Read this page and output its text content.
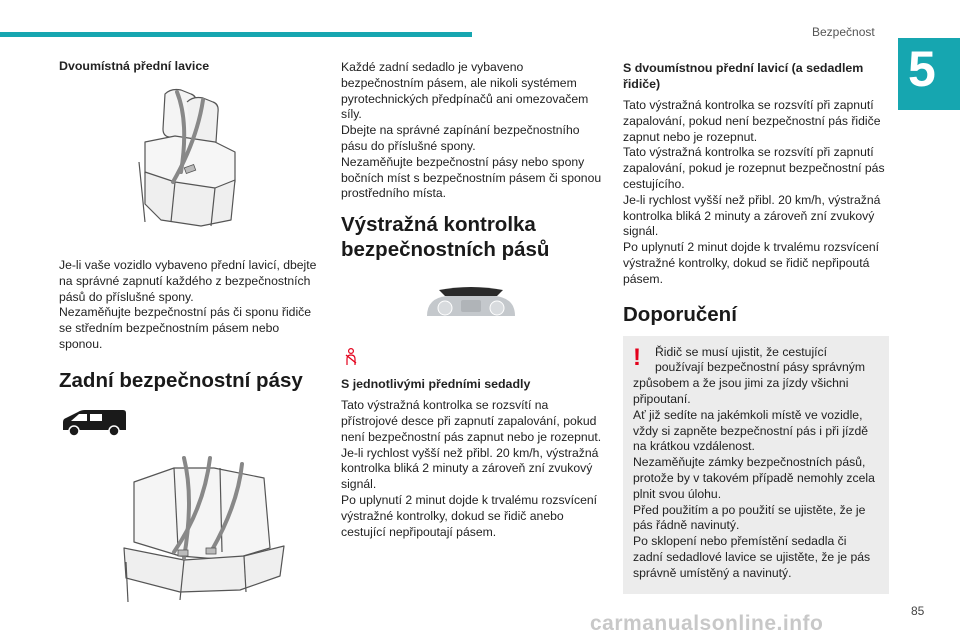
Bezpečnost
5
Dvoumístná přední lavice
Je-li vaše vozidlo vybaveno přední lavicí, dbejte
na správné zapnutí každého z bezpečnostních
pásů do příslušné spony.
Nezaměňujte bezpečnostní pás či sponu řidiče
se středním bezpečnostním pásem nebo
sponou.
Zadní bezpečnostní pásy
Každé zadní sedadlo je vybaveno
bezpečnostním pásem, ale nikoli systémem
pyrotechnických předpínačů ani omezovačem
síly.
Dbejte na správné zapínání bezpečnostního
pásu do příslušné spony.
Nezaměňujte bezpečnostní pásy nebo spony
bočních míst s bezpečnostním pásem či sponou
prostředního místa.
Výstražná kontrolka
bezpečnostních pásů
S jednotlivými předními sedadly
Tato výstražná kontrolka se rozsvítí na
přístrojové desce při zapnutí zapalování, pokud
není bezpečnostní pás zapnut nebo je rozepnut.
Je-li rychlost vyšší než přibl. 20 km/h, výstražná
kontrolka bliká 2 minuty a zároveň zní zvukový
signál.
Po uplynutí 2 minut dojde k trvalému rozsvícení
výstražné kontrolky, dokud se řidič anebo
cestující nepřipoutají pásem.
S dvoumístnou přední lavicí (a sedadlem
řidiče)
Tato výstražná kontrolka se rozsvítí při zapnutí
zapalování, pokud není bezpečnostní pás řidiče
zapnut nebo je rozepnut.
Tato výstražná kontrolka se rozsvítí při zapnutí
zapalování, pokud je rozepnut bezpečnostní pás
cestujícího.
Je-li rychlost vyšší než přibl. 20 km/h, výstražná
kontrolka bliká 2 minuty a zároveň zní zvukový
signál.
Po uplynutí 2 minut dojde k trvalému rozsvícení
výstražné kontrolky, dokud se řidič nepřipoutá
pásem.
Doporučení
!	Řidič se musí ujistit, že cestující
používají bezpečnostní pásy správným
způsobem a že jsou jimi za jízdy všichni
připoutaní.
Ať již sedíte na jakémkoli místě ve vozidle,
vždy si zapněte bezpečnostní pás i při jízdě
na krátkou vzdálenost.
Nezaměňujte zámky bezpečnostních pásů,
protože by v takovém případě nemohly zcela
plnit svou úlohu.
Před použitím a po použití se ujistěte, že je
pás řádně navinutý.
Po sklopení nebo přemístění sedadla či
zadní sedadlové lavice se ujistěte, že je pás
správně umístěný a navinutý.
carmanualsonline.info
85
